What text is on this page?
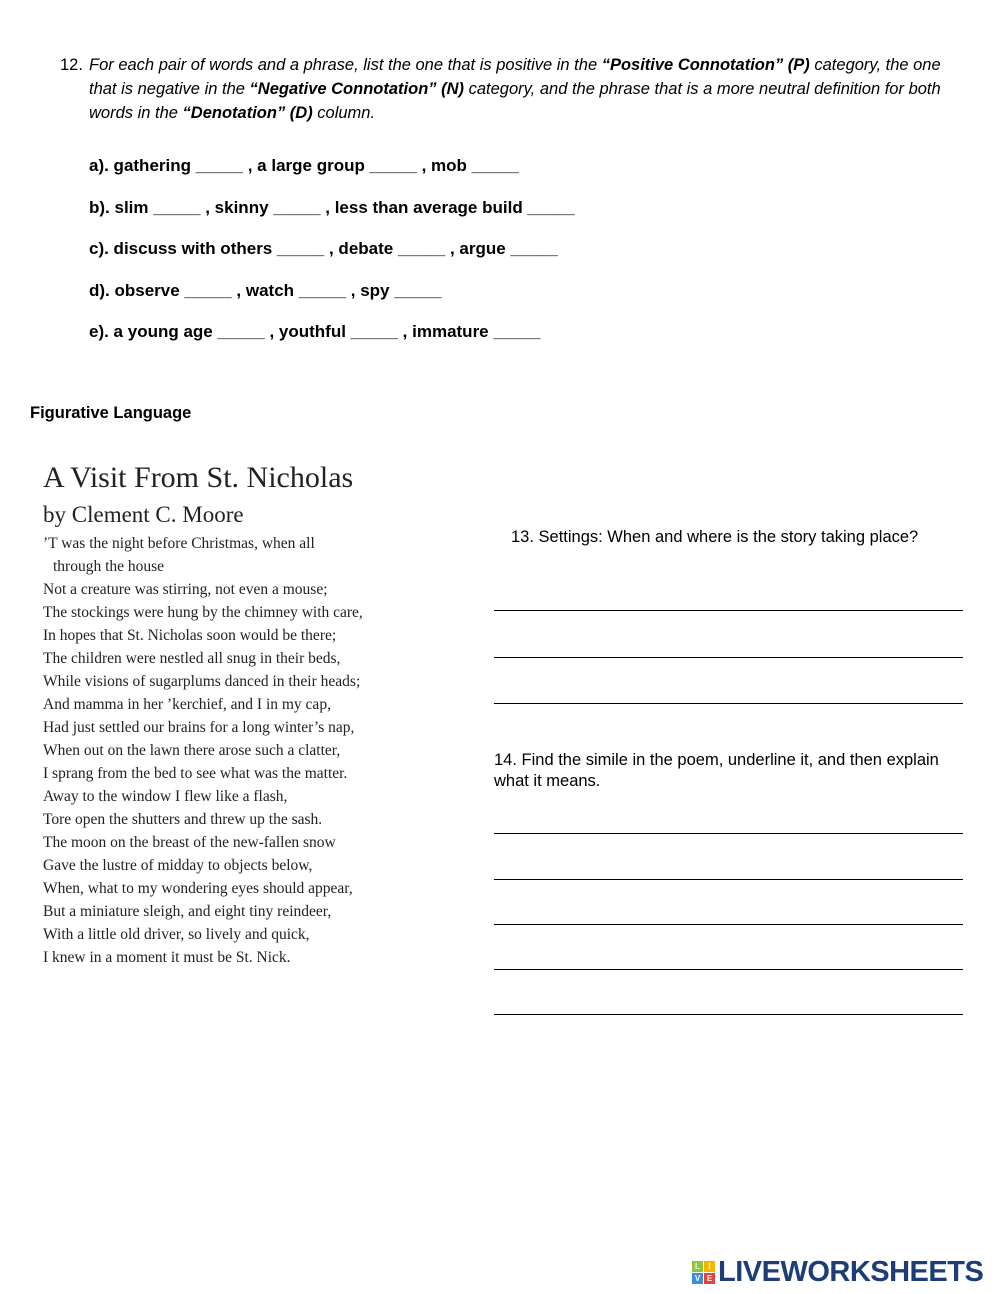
12. For each pair of words and a phrase, list the one that is positive in the “Positive Connotation” (P) category, the one that is negative in the “Negative Connotation” (N) category, and the phrase that is a more neutral definition for both words in the “Denotation” (D) column.
a). gathering _____ , a large group _____ , mob _____
b). slim _____ , skinny _____ , less than average build _____
c). discuss with others _____ , debate _____ , argue _____
d). observe _____ , watch _____ , spy _____
e). a young age _____ , youthful _____ , immature _____
Figurative Language
A Visit From St. Nicholas
by Clement C. Moore
’T was the night before Christmas, when all
through the house
Not a creature was stirring, not even a mouse;
The stockings were hung by the chimney with care,
In hopes that St. Nicholas soon would be there;
The children were nestled all snug in their beds,
While visions of sugarplums danced in their heads;
And mamma in her ’kerchief, and I in my cap,
Had just settled our brains for a long winter’s nap,
When out on the lawn there arose such a clatter,
I sprang from the bed to see what was the matter.
Away to the window I flew like a flash,
Tore open the shutters and threw up the sash.
The moon on the breast of the new-fallen snow
Gave the lustre of midday to objects below,
When, what to my wondering eyes should appear,
But a miniature sleigh, and eight tiny reindeer,
With a little old driver, so lively and quick,
I knew in a moment it must be St. Nick.
13. Settings: When and where is the story taking place?
14. Find the simile in the poem, underline it, and then explain what it means.
L	I
V E LIVEWORKSHEETS
